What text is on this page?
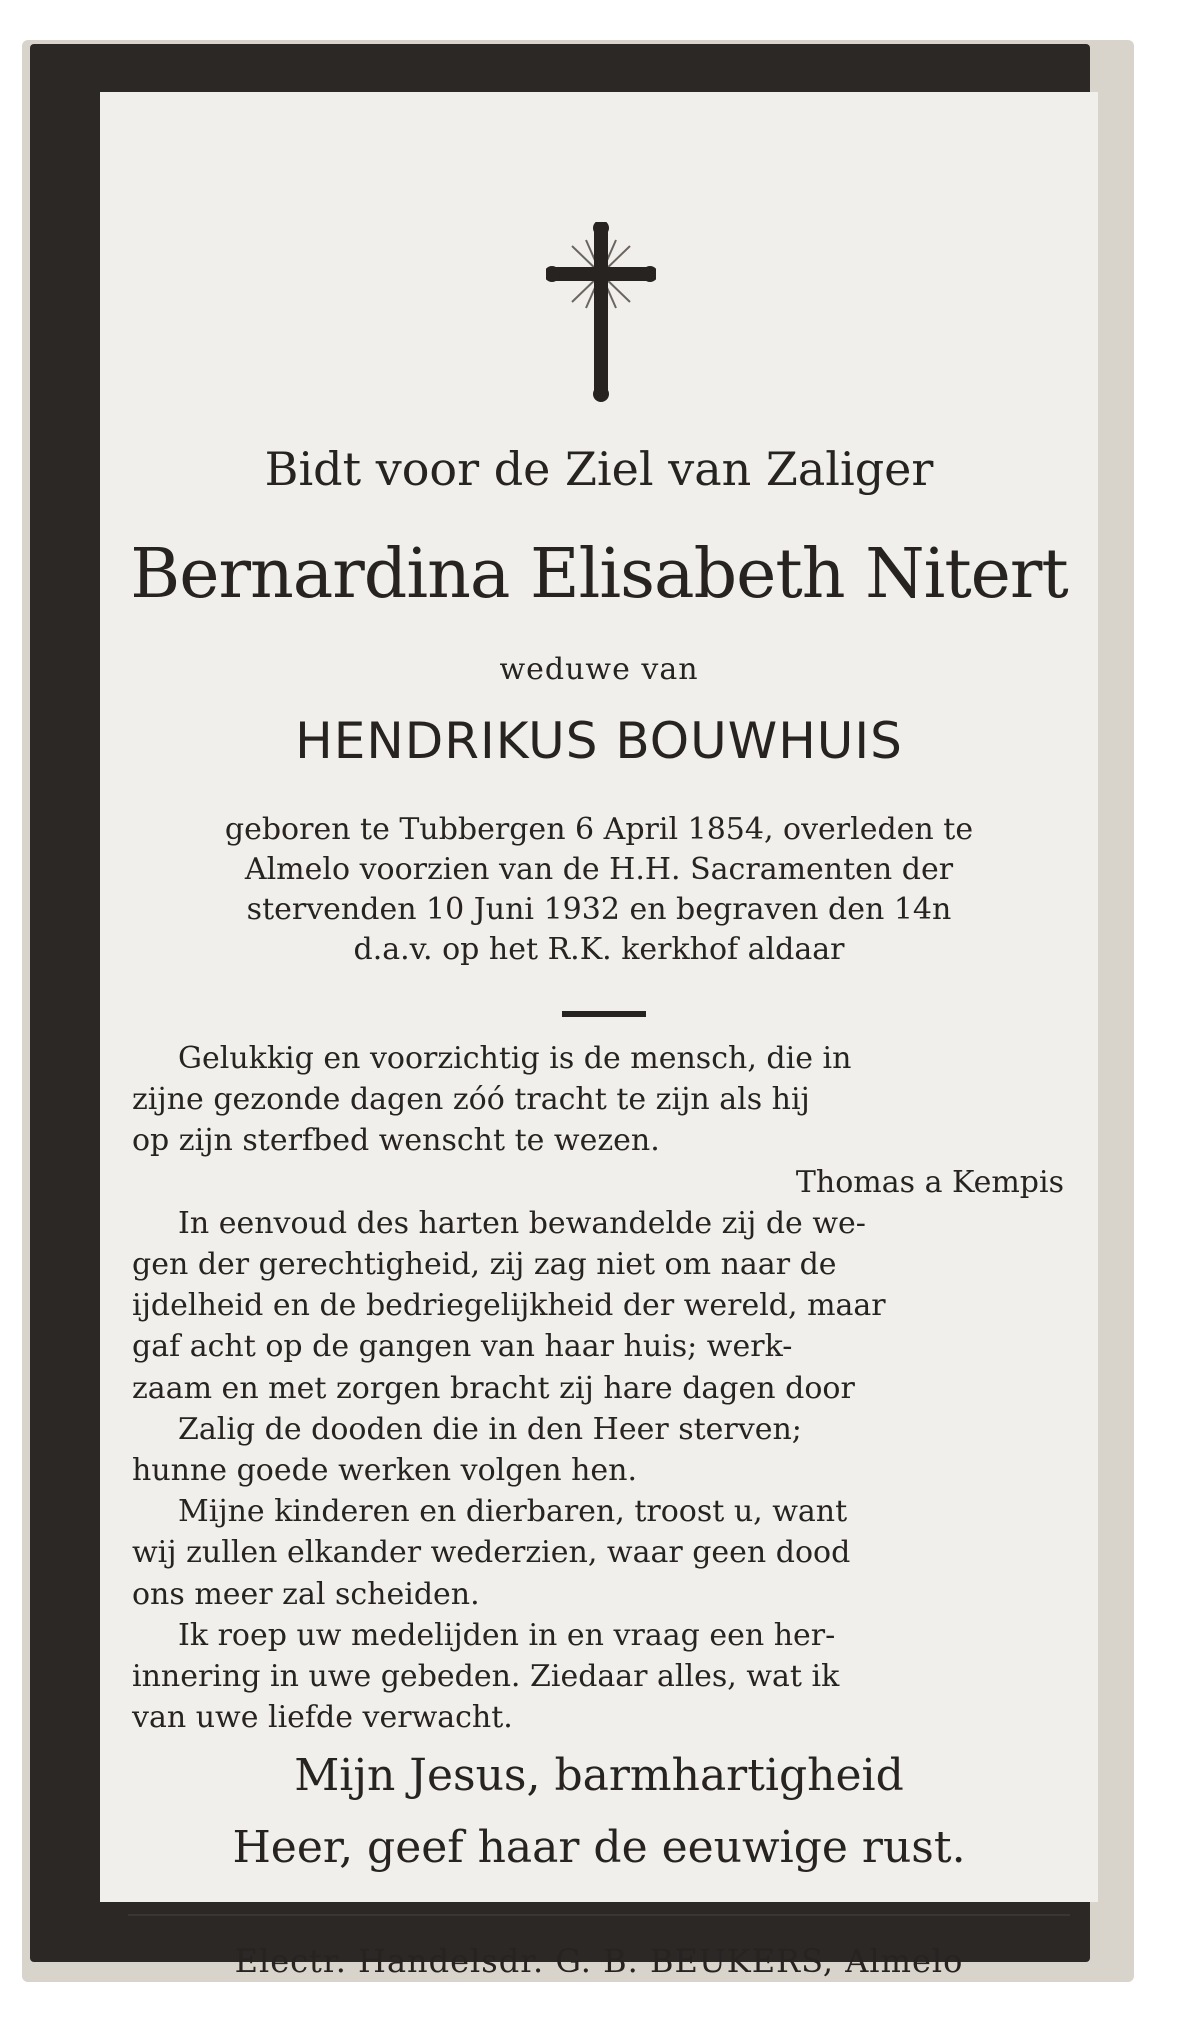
Bidt voor de Ziel van Zaliger
Bernardina Elisabeth Nitert
weduwe van
HENDRIKUS BOUWHUIS
geboren te Tubbergen 6 April 1854, overleden te
Almelo voorzien van de H.H. Sacramenten der
stervenden 10 Juni 1932 en begraven den 14n
d.a.v. op het R.K. kerkhof aldaar
Gelukkig en voorzichtig is de mensch, die in
zijne gezonde dagen zóó tracht te zijn als hij
op zijn sterfbed wenscht te wezen.
Thomas a Kempis
In eenvoud des harten bewandelde zij de we-
gen der gerechtigheid, zij zag niet om naar de
ijdelheid en de bedriegelijkheid der wereld, maar
gaf acht op de gangen van haar huis; werk-
zaam en met zorgen bracht zij hare dagen door
Zalig de dooden die in den Heer sterven;
hunne goede werken volgen hen.
Mijne kinderen en dierbaren, troost u, want
wij zullen elkander wederzien, waar geen dood
ons meer zal scheiden.
Ik roep uw medelijden in en vraag een her-
innering in uwe gebeden. Ziedaar alles, wat ik
van uwe liefde verwacht.
Mijn Jesus, barmhartigheid
Heer, geef haar de eeuwige rust.
Electr. Handelsdr. G. B. BEUKERS, Almelo
